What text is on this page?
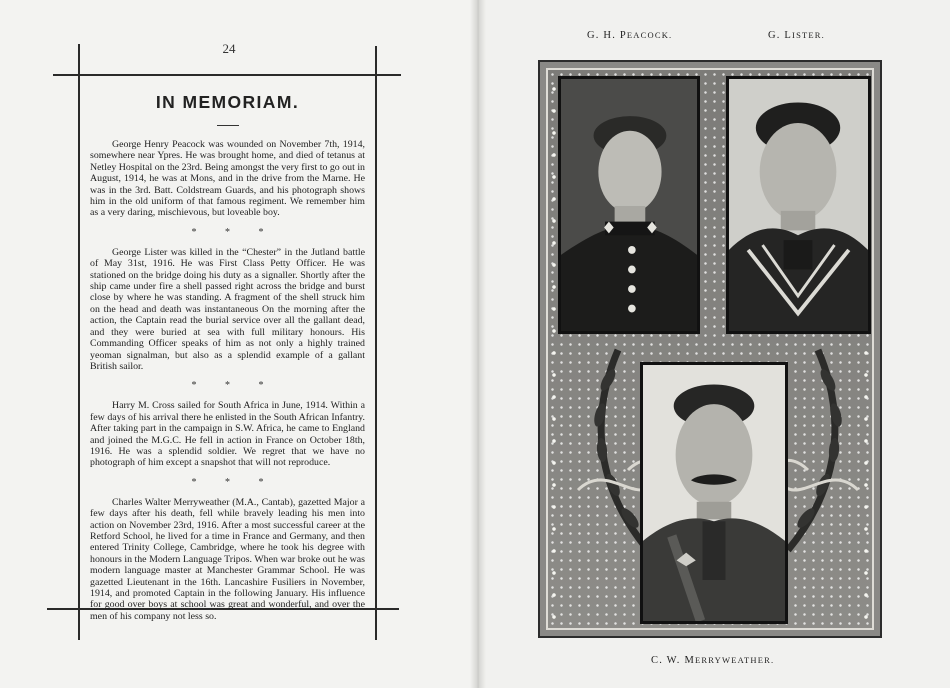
24
IN MEMORIAM.

George Henry Peacock was wounded on November 7th, 1914, somewhere near Ypres. He was brought home, and died of tetanus at Netley Hospital on the 23rd. Being amongst the very first to go out in August, 1914, he was at Mons, and in the drive from the Marne. He was in the 3rd. Batt. Coldstream Guards, and his photograph shows him in the old uniform of that famous regiment. We remember him as a very daring, mischievous, but loveable boy.

* * *

George Lister was killed in the “Chester” in the Jutland battle of May 31st, 1916. He was First Class Petty Officer. He was stationed on the bridge doing his duty as a signaller. Shortly after the ship came under fire a shell passed right across the bridge and burst close by where he was standing. A fragment of the shell struck him on the head and death was instantaneous On the morning after the action, the Captain read the burial service over all the gallant dead, and they were buried at sea with full military honours. His Commanding Officer speaks of him as not only a highly trained yeoman signalman, but also as a splendid example of a gallant British sailor.

* * *

Harry M. Cross sailed for South Africa in June, 1914. Within a few days of his arrival there he enlisted in the South African Infantry. After taking part in the campaign in S.W. Africa, he came to England and joined the M.G.C. He fell in action in France on October 18th, 1916. He was a splendid soldier. We regret that we have no photograph of him except a snapshot that will not reproduce.

* * *

Charles Walter Merryweather (M.A., Cantab), gazetted Major a few days after his death, fell while bravely leading his men into action on November 23rd, 1916. After a most successful career at the Retford School, he lived for a time in France and Germany, and then entered Trinity College, Cambridge, where he took his degree with honours in the Modern Language Tripos. When war broke out he was modern language master at Manchester Grammar School. He was gazetted Lieutenant in the 16th. Lancashire Fusiliers in November, 1914, and promoted Captain in the following January. His influence for good over boys at school was great and wonderful, and over the men of his company not less so.

G. H. PEACOCK.	G. LISTER.
C. W. MERRYWEATHER.
